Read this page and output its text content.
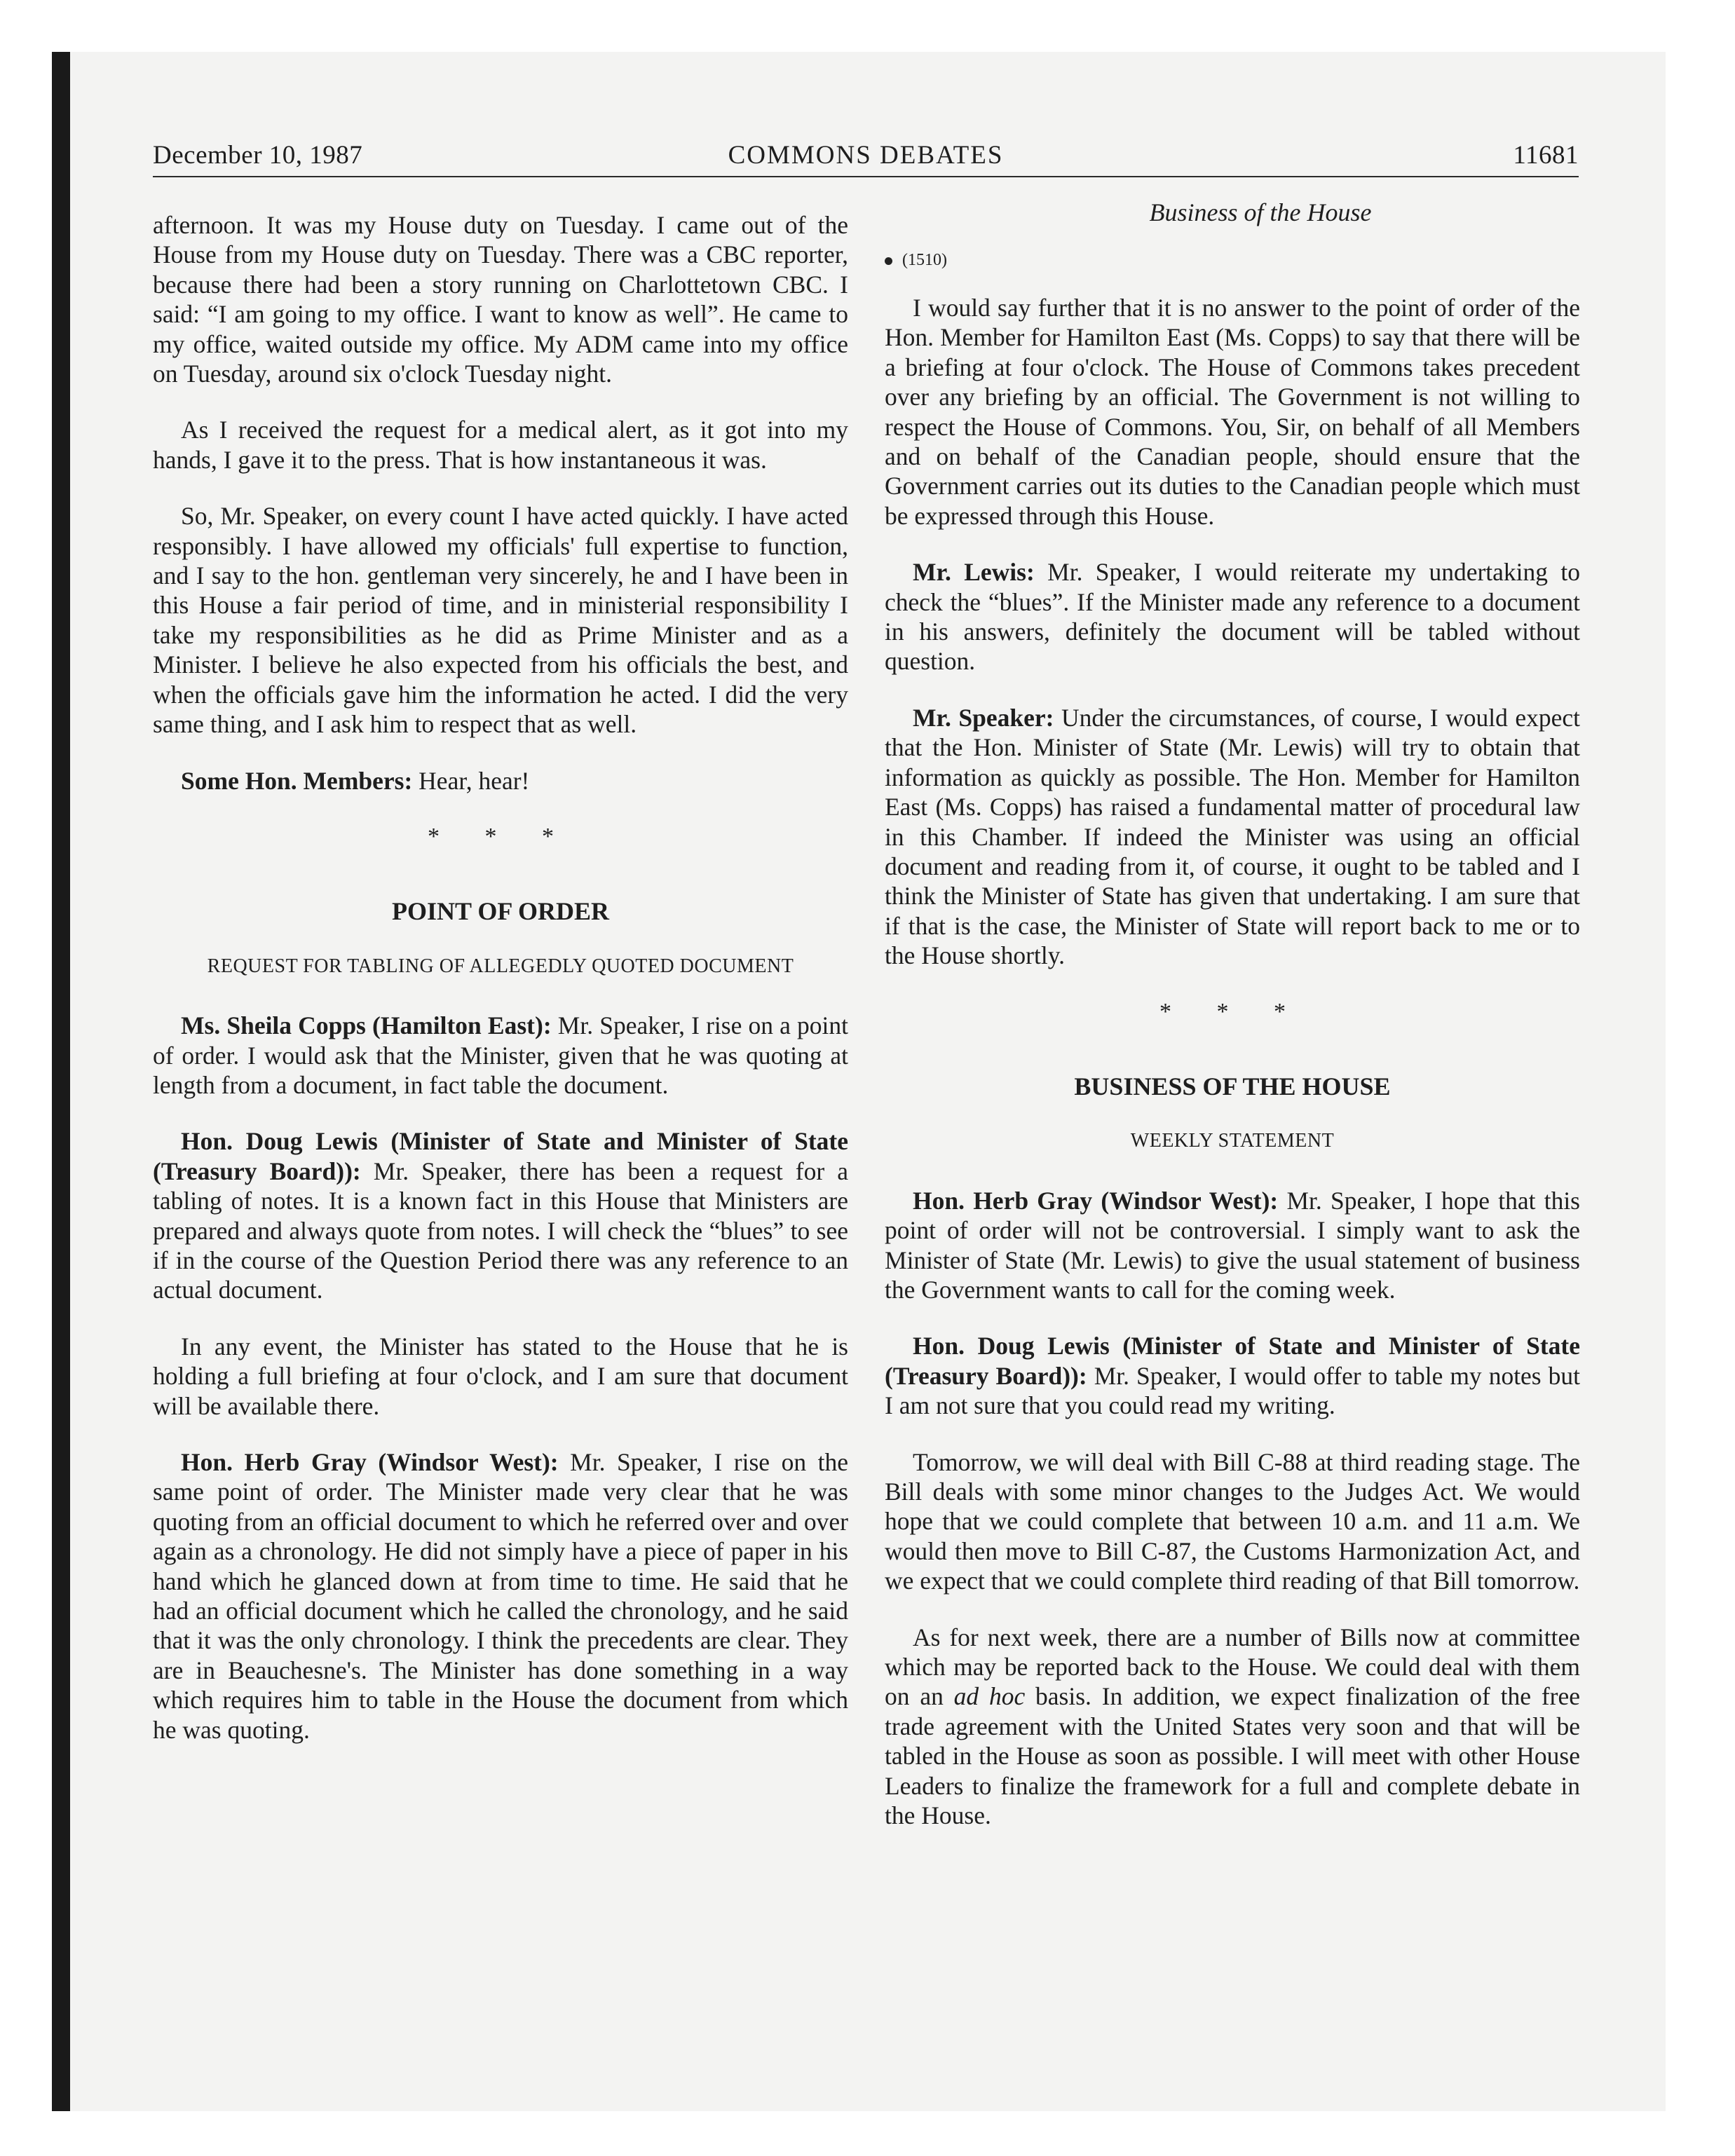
December 10, 1987	COMMONS DEBATES	11681

afternoon. It was my House duty on Tuesday. I came out of the House from my House duty on Tuesday. There was a CBC reporter, because there had been a story running on Charlottetown CBC. I said: “I am going to my office. I want to know as well”. He came to my office, waited outside my office. My ADM came into my office on Tuesday, around six o'clock Tuesday night.

As I received the request for a medical alert, as it got into my hands, I gave it to the press. That is how instantaneous it was.

So, Mr. Speaker, on every count I have acted quickly. I have acted responsibly. I have allowed my officials' full expertise to function, and I say to the hon. gentleman very sincerely, he and I have been in this House a fair period of time, and in ministerial responsibility I take my responsibilities as he did as Prime Minister and as a Minister. I believe he also expected from his officials the best, and when the officials gave him the information he acted. I did the very same thing, and I ask him to respect that as well.

Some Hon. Members: Hear, hear!

* * *
POINT OF ORDER
REQUEST FOR TABLING OF ALLEGEDLY QUOTED DOCUMENT

Ms. Sheila Copps (Hamilton East): Mr. Speaker, I rise on a point of order. I would ask that the Minister, given that he was quoting at length from a document, in fact table the document.

Hon. Doug Lewis (Minister of State and Minister of State (Treasury Board)): Mr. Speaker, there has been a request for a tabling of notes. It is a known fact in this House that Ministers are prepared and always quote from notes. I will check the “blues” to see if in the course of the Question Period there was any reference to an actual document.

In any event, the Minister has stated to the House that he is holding a full briefing at four o'clock, and I am sure that document will be available there.

Hon. Herb Gray (Windsor West): Mr. Speaker, I rise on the same point of order. The Minister made very clear that he was quoting from an official document to which he referred over and over again as a chronology. He did not simply have a piece of paper in his hand which he glanced down at from time to time. He said that he had an official document which he called the chronology, and he said that it was the only chronology. I think the precedents are clear. They are in Beauchesne's. The Minister has done something in a way which requires him to table in the House the document from which he was quoting.

Business of the House
(1510)

I would say further that it is no answer to the point of order of the Hon. Member for Hamilton East (Ms. Copps) to say that there will be a briefing at four o'clock. The House of Commons takes precedent over any briefing by an official. The Government is not willing to respect the House of Commons. You, Sir, on behalf of all Members and on behalf of the Canadian people, should ensure that the Government carries out its duties to the Canadian people which must be expressed through this House.

Mr. Lewis: Mr. Speaker, I would reiterate my undertaking to check the “blues”. If the Minister made any reference to a document in his answers, definitely the document will be tabled without question.

Mr. Speaker: Under the circumstances, of course, I would expect that the Hon. Minister of State (Mr. Lewis) will try to obtain that information as quickly as possible. The Hon. Member for Hamilton East (Ms. Copps) has raised a fundamental matter of procedural law in this Chamber. If indeed the Minister was using an official document and reading from it, of course, it ought to be tabled and I think the Minister of State has given that undertaking. I am sure that if that is the case, the Minister of State will report back to me or to the House shortly.

* * *
BUSINESS OF THE HOUSE
WEEKLY STATEMENT

Hon. Herb Gray (Windsor West): Mr. Speaker, I hope that this point of order will not be controversial. I simply want to ask the Minister of State (Mr. Lewis) to give the usual statement of business the Government wants to call for the coming week.

Hon. Doug Lewis (Minister of State and Minister of State (Treasury Board)): Mr. Speaker, I would offer to table my notes but I am not sure that you could read my writing.

Tomorrow, we will deal with Bill C-88 at third reading stage. The Bill deals with some minor changes to the Judges Act. We would hope that we could complete that between 10 a.m. and 11 a.m. We would then move to Bill C-87, the Customs Harmonization Act, and we expect that we could complete third reading of that Bill tomorrow.

As for next week, there are a number of Bills now at committee which may be reported back to the House. We could deal with them on an ad hoc basis. In addition, we expect finalization of the free trade agreement with the United States very soon and that will be tabled in the House as soon as possible. I will meet with other House Leaders to finalize the framework for a full and complete debate in the House.
